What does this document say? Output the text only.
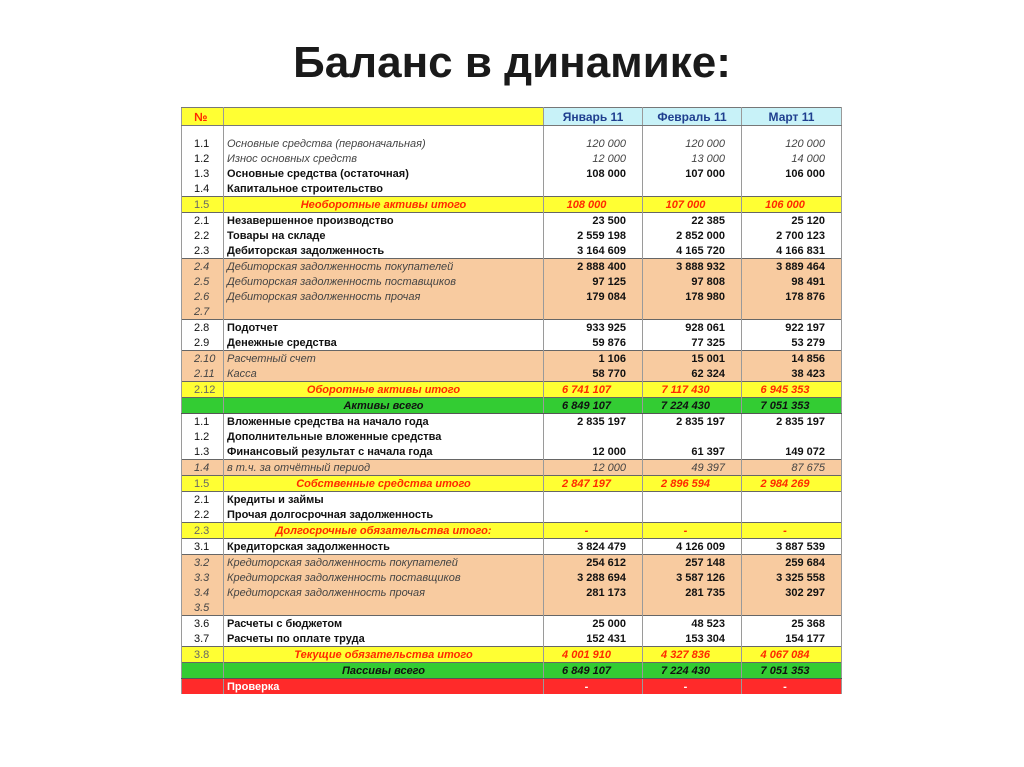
Баланс в динамике:
№		Январь 11	Февраль 11	Март 11

1.1	Основные средства (первоначальная)	120 000	120 000	120 000
1.2	Износ основных средств	12 000	13 000	14 000
1.3	Основные средства (остаточная)	108 000	107 000	106 000
1.4	Капитальное строительство			
1.5	Необоротные активы итого	108 000	107 000	106 000
2.1	Незавершенное производство	23 500	22 385	25 120
2.2	Товары на складе	2 559 198	2 852 000	2 700 123
2.3	Дебиторская задолженность	3 164 609	4 165 720	4 166 831
2.4	Дебиторская задолженность покупателей	2 888 400	3 888 932	3 889 464
2.5	Дебиторская задолженность поставщиков	97 125	97 808	98 491
2.6	Дебиторская задолженность прочая	179 084	178 980	178 876
2.7				
2.8	Подотчет	933 925	928 061	922 197
2.9	Денежные средства	59 876	77 325	53 279
2.10	Расчетный счет	1 106	15 001	14 856
2.11	Касса	58 770	62 324	38 423
2.12	Оборотные активы итого	6 741 107	7 117 430	6 945 353
	Активы всего	6 849 107	7 224 430	7 051 353
1.1	Вложенные средства на начало года	2 835 197	2 835 197	2 835 197
1.2	Дополнительные вложенные средства			
1.3	Финансовый результат с начала года	12 000	61 397	149 072
1.4	в т.ч. за отчётный период	12 000	49 397	87 675
1.5	Собственные средства итого	2 847 197	2 896 594	2 984 269
2.1	Кредиты и займы			
2.2	Прочая долгосрочная задолженность			
2.3	Долгосрочные обязательства итого:	-	-	-
3.1	Кредиторская задолженность	3 824 479	4 126 009	3 887 539
3.2	Кредиторская задолженность покупателей	254 612	257 148	259 684
3.3	Кредиторская задолженность поставщиков	3 288 694	3 587 126	3 325 558
3.4	Кредиторская задолженность прочая	281 173	281 735	302 297
3.5				
3.6	Расчеты с бюджетом	25 000	48 523	25 368
3.7	Расчеты по оплате труда	152 431	153 304	154 177
3.8	Текущие обязательства итого	4 001 910	4 327 836	4 067 084
	Пассивы всего	6 849 107	7 224 430	7 051 353
	Проверка	-	-	-
